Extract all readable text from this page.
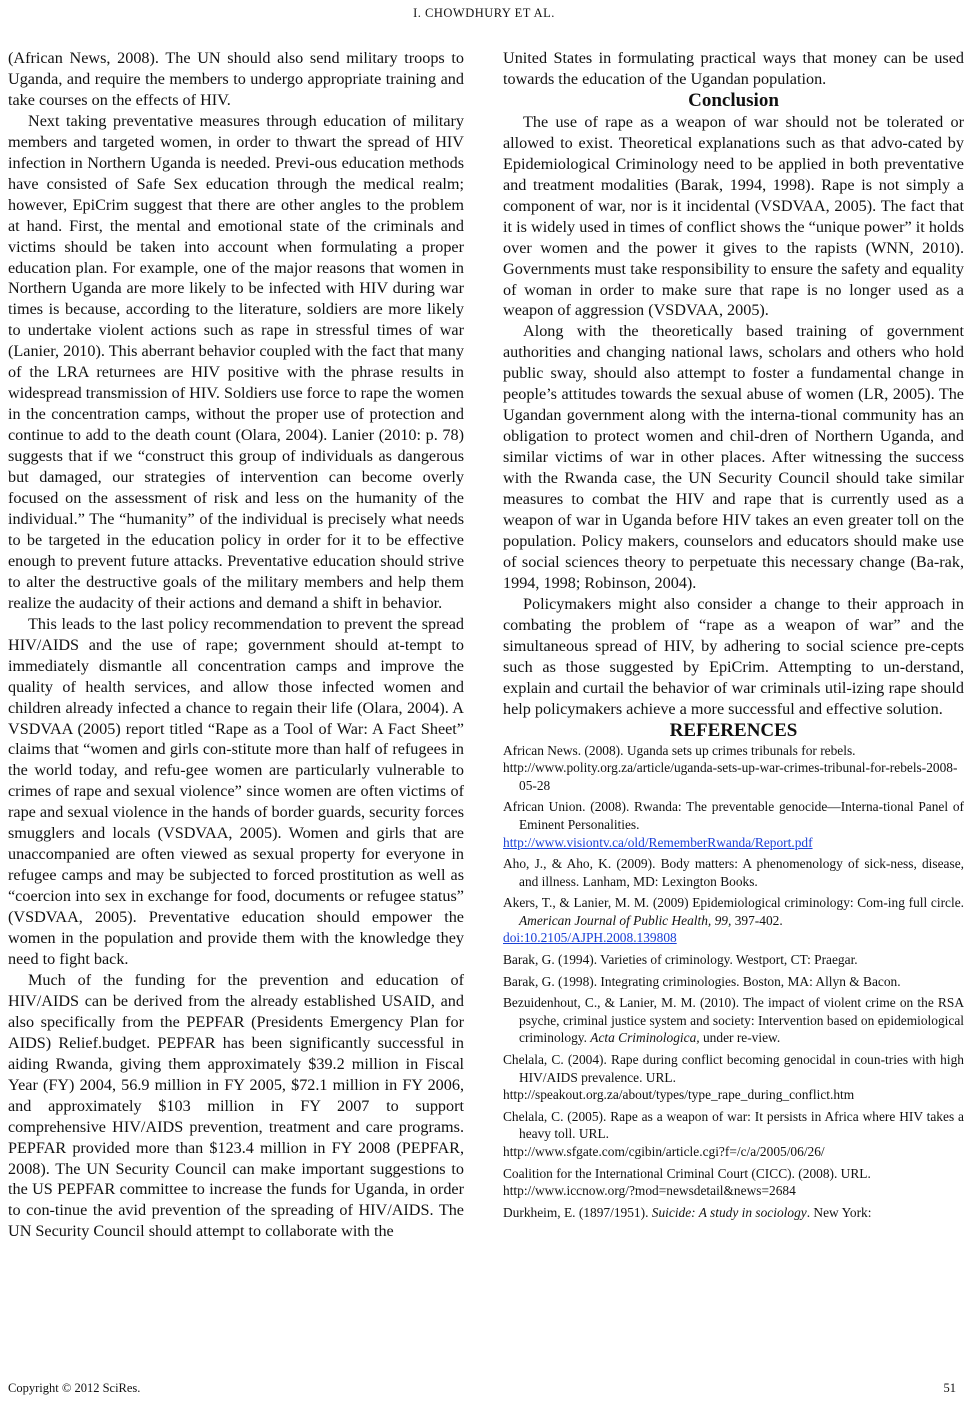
I. CHOWDHURY ET AL.

(African News, 2008). The UN should also send military troops to Uganda, and require the members to undergo appropriate training and take courses on the effects of HIV.

Next taking preventative measures through education of military members and targeted women, in order to thwart the spread of HIV infection in Northern Uganda is needed. Previ-ous education methods have consisted of Safe Sex education through the medical realm; however, EpiCrim suggest that there are other angles to the problem at hand. First, the mental and emotional state of the criminals and victims should be taken into account when formulating a proper education plan. For example, one of the major reasons that women in Northern Uganda are more likely to be infected with HIV during war times is because, according to the literature, soldiers are more likely to undertake violent actions such as rape in stressful times of war (Lanier, 2010). This aberrant behavior coupled with the fact that many of the LRA returnees are HIV positive with the phrase results in widespread transmission of HIV. Soldiers use force to rape the women in the concentration camps, without the proper use of protection and continue to add to the death count (Olara, 2004). Lanier (2010: p. 78) suggests that if we “construct this group of individuals as dangerous but damaged, our strategies of intervention can become overly focused on the assessment of risk and less on the humanity of the individual.” The “humanity” of the individual is precisely what needs to be targeted in the education policy in order for it to be effective enough to prevent future attacks. Preventative education should strive to alter the destructive goals of the military members and help them realize the audacity of their actions and demand a shift in behavior.

This leads to the last policy recommendation to prevent the spread HIV/AIDS and the use of rape; government should at-tempt to immediately dismantle all concentration camps and improve the quality of health services, and allow those infected women and children already infected a chance to regain their life (Olara, 2004). A VSDVAA (2005) report titled “Rape as a Tool of War: A Fact Sheet” claims that “women and girls con-stitute more than half of refugees in the world today, and refu-gee women are particularly vulnerable to crimes of rape and sexual violence” since women are often victims of rape and sexual violence in the hands of border guards, security forces smugglers and locals (VSDVAA, 2005). Women and girls that are unaccompanied are often viewed as sexual property for everyone in refugee camps and may be subjected to forced prostitution as well as “coercion into sex in exchange for food, documents or refugee status” (VSDVAA, 2005). Preventative education should empower the women in the population and provide them with the knowledge they need to fight back.

Much of the funding for the prevention and education of HIV/AIDS can be derived from the already established USAID, and also specifically from the PEPFAR (Presidents Emergency Plan for AIDS) Relief.budget. PEPFAR has been significantly successful in aiding Rwanda, giving them approximately $39.2 million in Fiscal Year (FY) 2004, 56.9 million in FY 2005, $72.1 million in FY 2006, and approximately $103 million in FY 2007 to support comprehensive HIV/AIDS prevention, treatment and care programs. PEPFAR provided more than $123.4 million in FY 2008 (PEPFAR, 2008). The UN Security Council can make important suggestions to the US PEPFAR committee to increase the funds for Uganda, in order to con-tinue the avid prevention of the spreading of HIV/AIDS. The UN Security Council should attempt to collaborate with the

United States in formulating practical ways that money can be used towards the education of the Ugandan population.

Conclusion

The use of rape as a weapon of war should not be tolerated or allowed to exist. Theoretical explanations such as that advo-cated by Epidemiological Criminology need to be applied in both preventative and treatment modalities (Barak, 1994, 1998). Rape is not simply a component of war, nor is it incidental (VSDVAA, 2005). The fact that it is widely used in times of conflict shows the “unique power” it holds over women and the power it gives to the rapists (WNN, 2010). Governments must take responsibility to ensure the safety and equality of woman in order to make sure that rape is no longer used as a weapon of aggression (VSDVAA, 2005).

Along with the theoretically based training of government authorities and changing national laws, scholars and others who hold public sway, should also attempt to foster a fundamental change in people’s attitudes towards the sexual abuse of women (LR, 2005). The Ugandan government along with the interna-tional community has an obligation to protect women and chil-dren of Northern Uganda, and similar victims of war in other places. After witnessing the success with the Rwanda case, the UN Security Council should take similar measures to combat the HIV and rape that is currently used as a weapon of war in Uganda before HIV takes an even greater toll on the population. Policy makers, counselors and educators should make use of social sciences theory to perpetuate this necessary change (Ba-rak, 1994, 1998; Robinson, 2004).

Policymakers might also consider a change to their approach in combating the problem of “rape as a weapon of war” and the simultaneous spread of HIV, by adhering to social science pre-cepts such as those suggested by EpiCrim. Attempting to un-derstand, explain and curtail the behavior of war criminals util-izing rape should help policymakers achieve a more successful and effective solution.

REFERENCES
African News. (2008). Uganda sets up crimes tribunals for rebels.
http://www.polity.org.za/article/uganda-sets-up-war-crimes-tribunal-for-rebels-2008-05-28
African Union. (2008). Rwanda: The preventable genocide—Interna-tional Panel of Eminent Personalities.
http://www.visiontv.ca/old/RememberRwanda/Report.pdf
Aho, J., & Aho, K. (2009). Body matters: A phenomenology of sick-ness, disease, and illness. Lanham, MD: Lexington Books.
Akers, T., & Lanier, M. M. (2009) Epidemiological criminology: Com-ing full circle. American Journal of Public Health, 99, 397-402.
doi:10.2105/AJPH.2008.139808
Barak, G. (1994). Varieties of criminology. Westport, CT: Praegar.
Barak, G. (1998). Integrating criminologies. Boston, MA: Allyn & Bacon.
Bezuidenhout, C., & Lanier, M. M. (2010). The impact of violent crime on the RSA psyche, criminal justice system and society: Intervention based on epidemiological criminology. Acta Criminologica, under re-view.
Chelala, C. (2004). Rape during conflict becoming genocidal in coun-tries with high HIV/AIDS prevalence. URL.
http://speakout.org.za/about/types/type_rape_during_conflict.htm
Chelala, C. (2005). Rape as a weapon of war: It persists in Africa where HIV takes a heavy toll. URL.
http://www.sfgate.com/cgibin/article.cgi?f=/c/a/2005/06/26/
Coalition for the International Criminal Court (CICC). (2008). URL.
http://www.iccnow.org/?mod=newsdetail&news=2684
Durkheim, E. (1897/1951). Suicide: A study in sociology. New York:
Copyright © 2012 SciRes.	51
